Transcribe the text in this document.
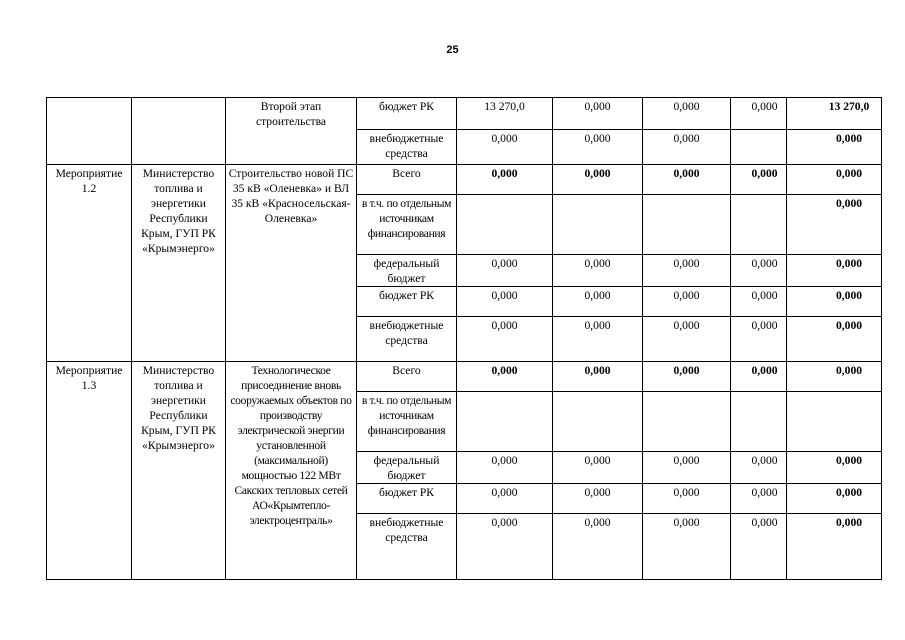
25
		Второй этап строительства	бюджет РК	13 270,0	0,000	0,000	0,000	13 270,0
			внебюджетные средства	0,000	0,000	0,000		0,000
Мероприятие 1.2	Министерство топлива и энергетики Республики Крым, ГУП РК «Крымэнерго»	Строительство новой ПС 35 кВ «Оленевка» и ВЛ 35 кВ «Красносельская-Оленевка»	Всего	0,000	0,000	0,000	0,000	0,000
			в т.ч. по отдельным источникам финансирования					0,000
			федеральный бюджет	0,000	0,000	0,000	0,000	0,000
			бюджет РК	0,000	0,000	0,000	0,000	0,000
			внебюджетные средства	0,000	0,000	0,000	0,000	0,000
Мероприятие 1.3	Министерство топлива и энергетики Республики Крым, ГУП РК «Крымэнерго»	Технологическое присоединение вновь сооружаемых объектов по производству электрической энергии установленной (максимальной) мощностью 122 МВт Сакских тепловых сетей АО«Крымтепло-электроцентраль»	Всего	0,000	0,000	0,000	0,000	0,000
			в т.ч. по отдельным источникам финансирования					
			федеральный бюджет	0,000	0,000	0,000	0,000	0,000
			бюджет РК	0,000	0,000	0,000	0,000	0,000
			внебюджетные средства	0,000	0,000	0,000	0,000	0,000
